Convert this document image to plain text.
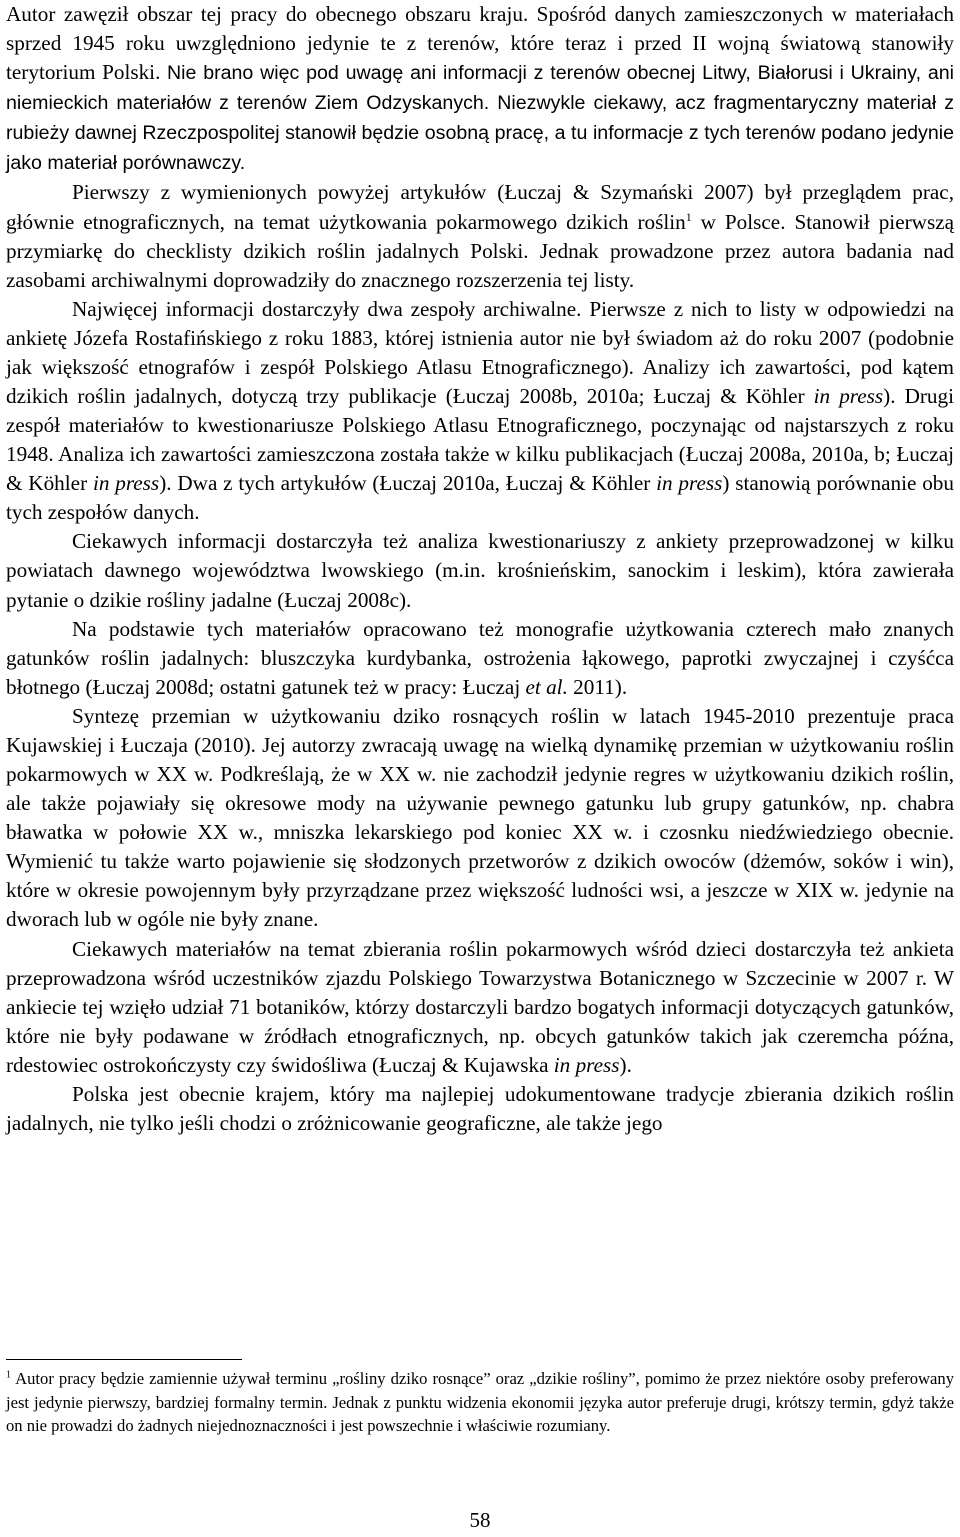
Autor zawęził obszar tej pracy do obecnego obszaru kraju. Spośród danych zamieszczonych w materiałach sprzed 1945 roku uwzględniono jedynie te z terenów, które teraz i przed II wojną światową stanowiły terytorium Polski. Nie brano więc pod uwagę ani informacji z terenów obecnej Litwy, Białorusi i Ukrainy, ani niemieckich materiałów z terenów Ziem Odzyskanych. Niezwykle ciekawy, acz fragmentaryczny materiał z rubieży dawnej Rzeczpospolitej stanowił będzie osobną pracę, a tu informacje z tych terenów podano jedynie jako materiał porównawczy.

Pierwszy z wymienionych powyżej artykułów (Łuczaj & Szymański 2007) był przeglądem prac, głównie etnograficznych, na temat użytkowania pokarmowego dzikich roślin$^1$ w Polsce. Stanowił pierwszą przymiarkę do checklisty dzikich roślin jadalnych Polski. Jednak prowadzone przez autora badania nad zasobami archiwalnymi doprowadziły do znacznego rozszerzenia tej listy.

Najwięcej informacji dostarczyły dwa zespoły archiwalne. Pierwsze z nich to listy w odpowiedzi na ankietę Józefa Rostafińskiego z roku 1883, której istnienia autor nie był świadom aż do roku 2007 (podobnie jak większość etnografów i zespół Polskiego Atlasu Etnograficznego). Analizy ich zawartości, pod kątem dzikich roślin jadalnych, dotyczą trzy publikacje (Łuczaj 2008b, 2010a; Łuczaj & Köhler in press). Drugi zespół materiałów to kwestionariusze Polskiego Atlasu Etnograficznego, poczynając od najstarszych z roku 1948. Analiza ich zawartości zamieszczona została także w kilku publikacjach (Łuczaj 2008a, 2010a, b; Łuczaj & Köhler in press). Dwa z tych artykułów (Łuczaj 2010a, Łuczaj & Köhler in press) stanowią porównanie obu tych zespołów danych.

Ciekawych informacji dostarczyła też analiza kwestionariuszy z ankiety przeprowadzonej w kilku powiatach dawnego województwa lwowskiego (m.in. krośnieńskim, sanockim i leskim), która zawierała pytanie o dzikie rośliny jadalne (Łuczaj 2008c).

Na podstawie tych materiałów opracowano też monografie użytkowania czterech mało znanych gatunków roślin jadalnych: bluszczyka kurdybanka, ostrożenia łąkowego, paprotki zwyczajnej i czyśćca błotnego (Łuczaj 2008d; ostatni gatunek też w pracy: Łuczaj et al. 2011).

Syntezę przemian w użytkowaniu dziko rosnących roślin w latach 1945-2010 prezentuje praca Kujawskiej i Łuczaja (2010). Jej autorzy zwracają uwagę na wielką dynamikę przemian w użytkowaniu roślin pokarmowych w XX w. Podkreślają, że w XX w. nie zachodził jedynie regres w użytkowaniu dzikich roślin, ale także pojawiały się okresowe mody na używanie pewnego gatunku lub grupy gatunków, np. chabra bławatka w połowie XX w., mniszka lekarskiego pod koniec XX w. i czosnku niedźwiedziego obecnie. Wymienić tu także warto pojawienie się słodzonych przetworów z dzikich owoców (dżemów, soków i win), które w okresie powojennym były przyrządzane przez większość ludności wsi, a jeszcze w XIX w. jedynie na dworach lub w ogóle nie były znane.

Ciekawych materiałów na temat zbierania roślin pokarmowych wśród dzieci dostarczyła też ankieta przeprowadzona wśród uczestników zjazdu Polskiego Towarzystwa Botanicznego w Szczecinie w 2007 r. W ankiecie tej wzięło udział 71 botaników, którzy dostarczyli bardzo bogatych informacji dotyczących gatunków, które nie były podawane w źródłach etnograficznych, np. obcych gatunków takich jak czeremcha późna, rdestowiec ostrokończysty czy świdośliwa (Łuczaj & Kujawska in press).

Polska jest obecnie krajem, który ma najlepiej udokumentowane tradycje zbierania dzikich roślin jadalnych, nie tylko jeśli chodzi o zróżnicowanie geograficzne, ale także jego

$^1$ Autor pracy będzie zamiennie używał terminu „rośliny dziko rosnące” oraz „dzikie rośliny”, pomimo że przez niektóre osoby preferowany jest jedynie pierwszy, bardziej formalny termin. Jednak z punktu widzenia ekonomii języka autor preferuje drugi, krótszy termin, gdyż także on nie prowadzi do żadnych niejednoznaczności i jest powszechnie i właściwie rozumiany.

58
